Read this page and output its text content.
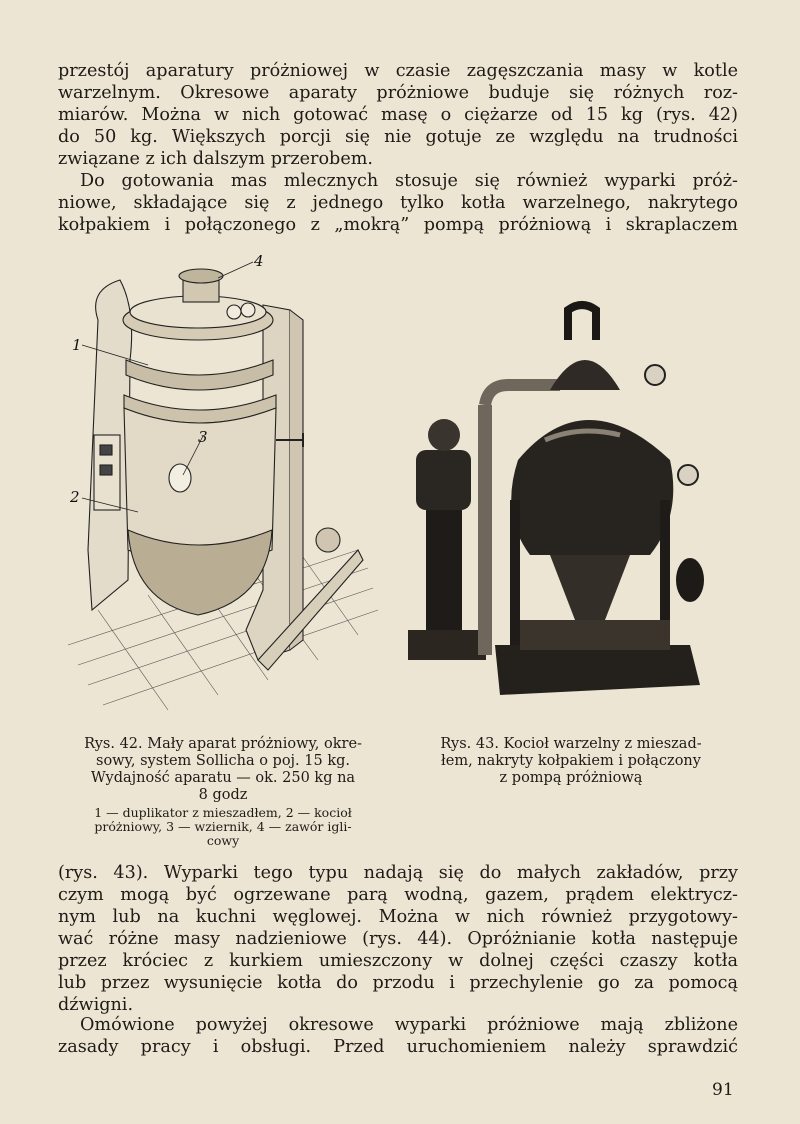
przestój aparatury próżniowej w czasie zagęszczania masy w kotle
warzelnym. Okresowe aparaty próżniowe buduje się różnych roz-
miarów. Można w nich gotować masę o ciężarze od 15 kg (rys. 42)
do 50 kg. Większych porcji się nie gotuje ze względu na trudności
związane z ich dalszym przerobem.
Do gotowania mas mlecznych stosuje się również wyparki próż-
niowe, składające się z jednego tylko kotła warzelnego, nakrytego
kołpakiem i połączonego z „mokrą” pompą próżniową i skraplaczem

1
2
3
4
Rys. 42. Mały aparat próżniowy, okre-
sowy, system Sollicha o poj. 15 kg.
Wydajność aparatu — ok. 250 kg na
8 godz
1 — duplikator z mieszadłem, 2 — kocioł
próżniowy, 3 — wziernik, 4 — zawór igli-
cowy
Rys. 43. Kocioł warzelny z mieszad-
łem, nakryty kołpakiem i połączony
z pompą próżniową

(rys. 43). Wyparki tego typu nadają się do małych zakładów, przy
czym mogą być ogrzewane parą wodną, gazem, prądem elektrycz-
nym lub na kuchni węglowej. Można w nich również przygotowy-
wać różne masy nadzieniowe (rys. 44). Opróżnianie kotła następuje
przez króciec z kurkiem umieszczony w dolnej części czaszy kotła
lub przez wysunięcie kotła do przodu i przechylenie go za pomocą
dźwigni.

Omówione powyżej okresowe wyparki próżniowe mają zbliżone
zasady pracy i obsługi. Przed uruchomieniem należy sprawdzić

91
